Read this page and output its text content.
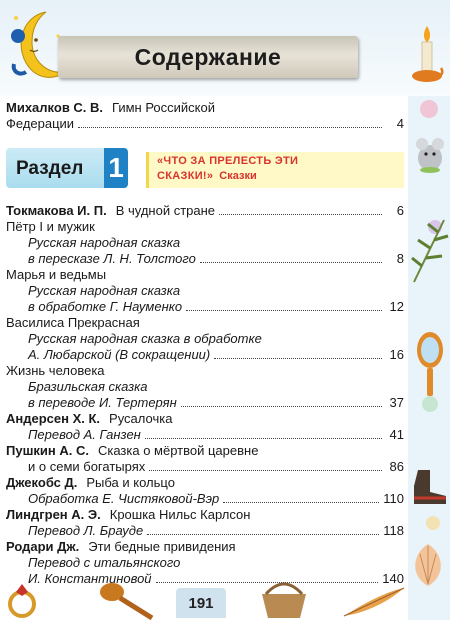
Содержание
191
Михалков С. В. Гимн Российской
Федерации	4
Раздел 1	«ЧТО ЗА ПРЕЛЕСТЬ ЭТИ
СКАЗКИ!» Сказки
Токмакова И. П. В чудной стране	6
Пётр I и мужик
Русская народная сказка
в пересказе Л. Н. Толстого	8
Марья и ведьмы
Русская народная сказка
в обработке Г. Науменко	12
Василиса Прекрасная
Русская народная сказка в обработке
А. Любарской (В сокращении)	16
Жизнь человека
Бразильская сказка
в переводе И. Тертерян	37
Андерсен Х. К. Русалочка
Перевод А. Ганзен	41
Пушкин А. С. Сказка о мёртвой царевне
и о семи богатырях	86
Джекобс Д. Рыба и кольцо
Обработка Е. Чистяковой-Вэр	110
Линдгрен А. Э. Крошка Нильс Карлсон
Перевод Л. Брауде	118
Родари Дж. Эти бедные привидения
Перевод с итальянского
И. Константиновой	140
